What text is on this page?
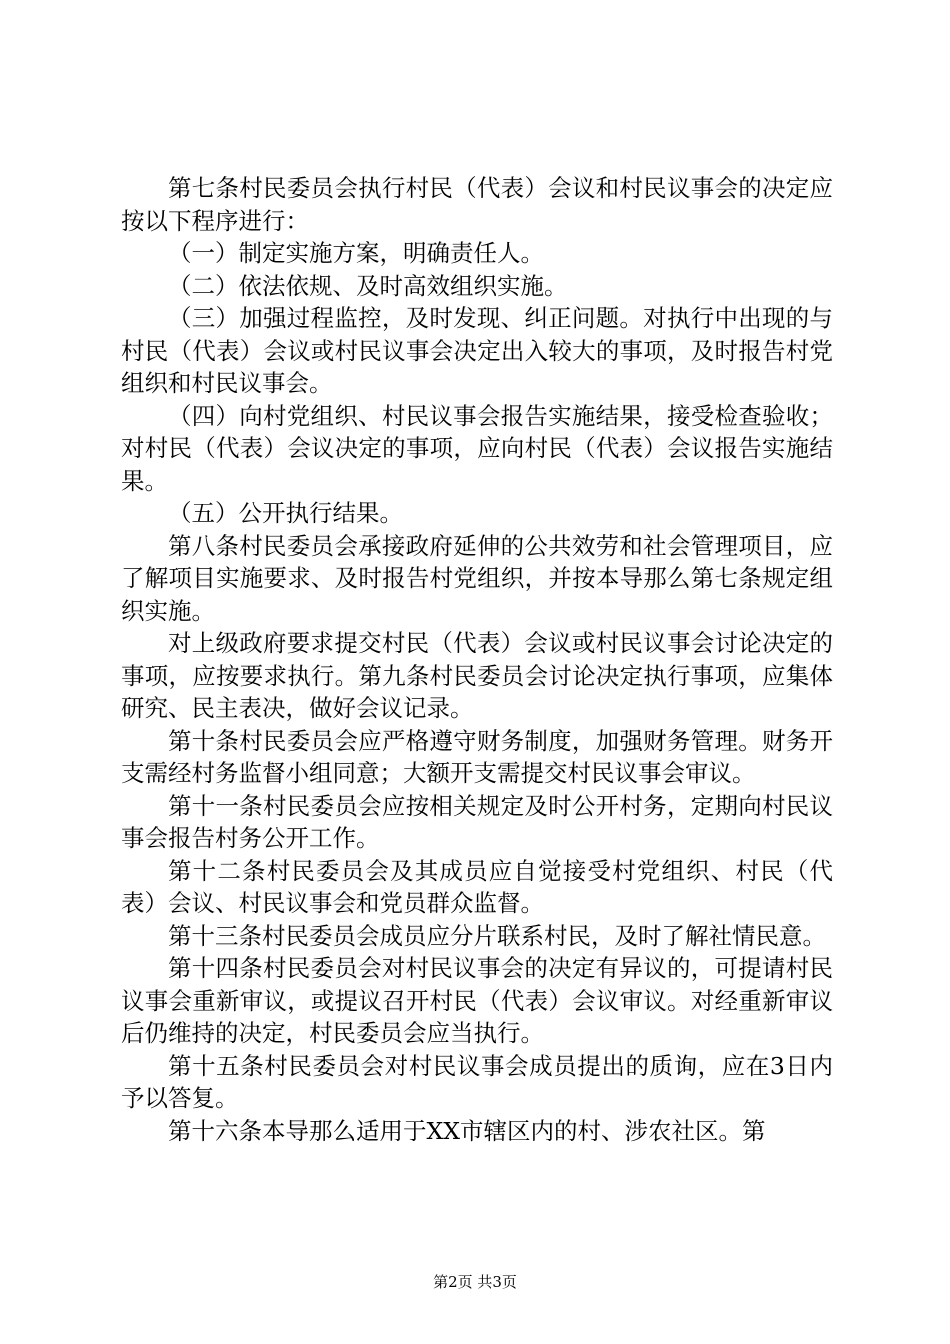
第七条村民委员会执行村民（代表）会议和村民议事会的决定应按以下程序进行：

（一）制定实施方案，明确责任人。

（二）依法依规、及时高效组织实施。

（三）加强过程监控，及时发现、纠正问题。对执行中出现的与村民（代表）会议或村民议事会决定出入较大的事项，及时报告村党组织和村民议事会。

（四）向村党组织、村民议事会报告实施结果，接受检查验收；对村民（代表）会议决定的事项，应向村民（代表）会议报告实施结果。

（五）公开执行结果。

第八条村民委员会承接政府延伸的公共效劳和社会管理项目，应了解项目实施要求、及时报告村党组织，并按本导那么第七条规定组织实施。

对上级政府要求提交村民（代表）会议或村民议事会讨论决定的事项，应按要求执行。第九条村民委员会讨论决定执行事项，应集体研究、民主表决，做好会议记录。

第十条村民委员会应严格遵守财务制度，加强财务管理。财务开支需经村务监督小组同意；大额开支需提交村民议事会审议。

第十一条村民委员会应按相关规定及时公开村务，定期向村民议事会报告村务公开工作。

第十二条村民委员会及其成员应自觉接受村党组织、村民（代表）会议、村民议事会和党员群众监督。

第十三条村民委员会成员应分片联系村民，及时了解社情民意。

第十四条村民委员会对村民议事会的决定有异议的，可提请村民议事会重新审议，或提议召开村民（代表）会议审议。对经重新审议后仍维持的决定，村民委员会应当执行。

第十五条村民委员会对村民议事会成员提出的质询，应在3日内予以答复。

第十六条本导那么适用于XX市辖区内的村、涉农社区。第

第2页 共3页
